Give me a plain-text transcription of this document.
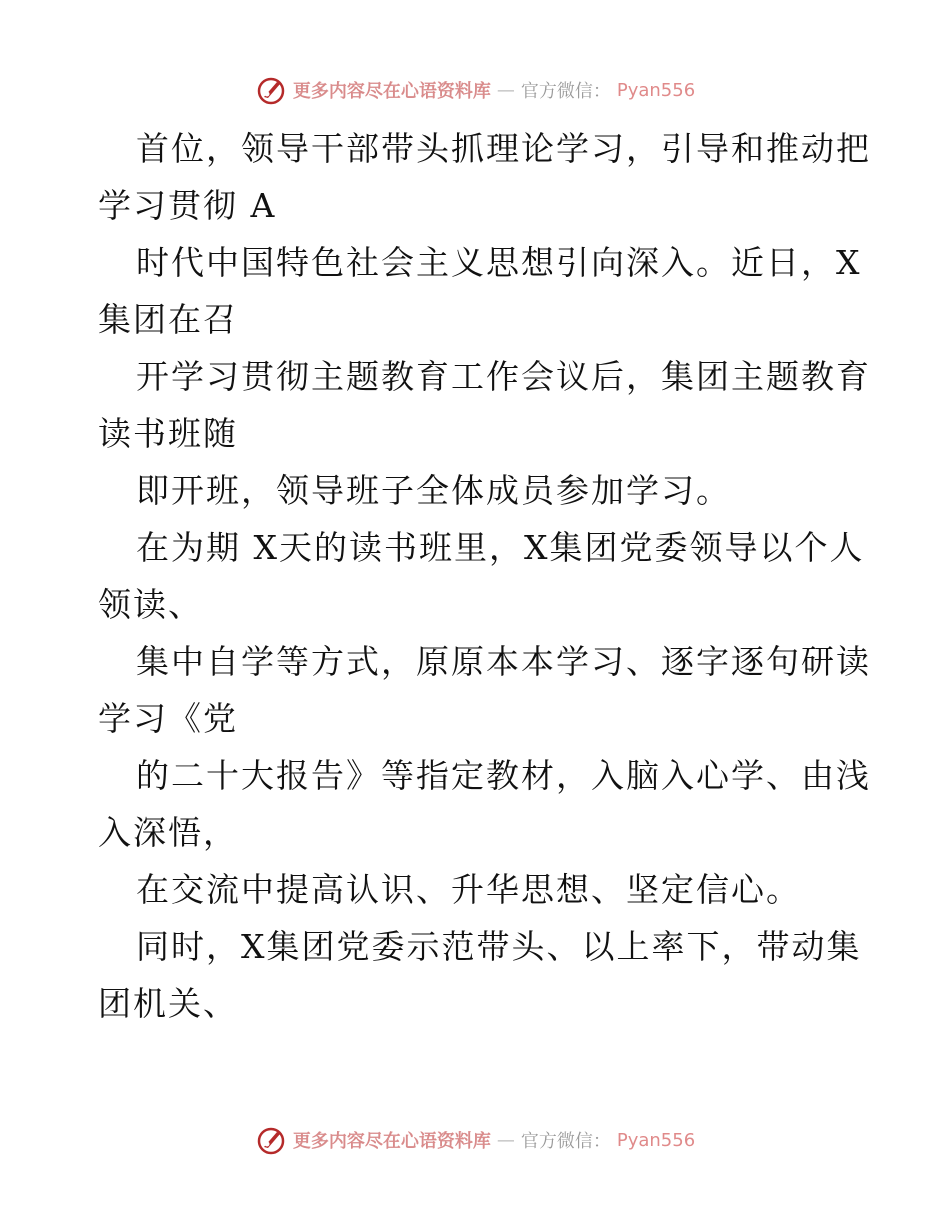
更多内容尽在心语资料库 — 官方微信： Pyan556
首位，领导干部带头抓理论学习，引导和推动把
学习贯彻 A
时代中国特色社会主义思想引向深入。近日，X
集团在召
开学习贯彻主题教育工作会议后，集团主题教育
读书班随
即开班，领导班子全体成员参加学习。
在为期 X天的读书班里，X集团党委领导以个人
领读、
集中自学等方式，原原本本学习、逐字逐句研读
学习《党
的二十大报告》等指定教材，入脑入心学、由浅
入深悟，
在交流中提高认识、升华思想、坚定信心。
同时，X集团党委示范带头、以上率下，带动集
团机关、
更多内容尽在心语资料库 — 官方微信： Pyan556
